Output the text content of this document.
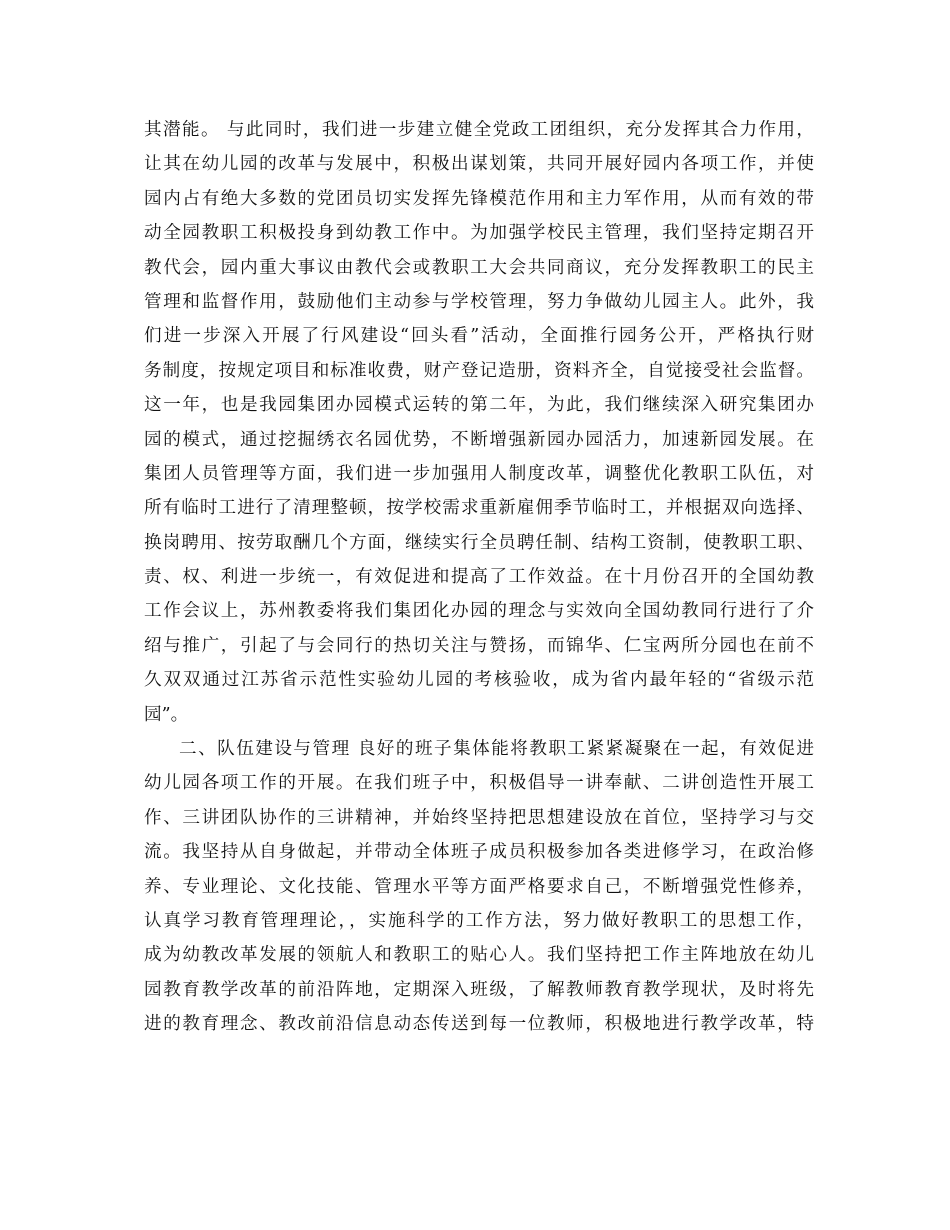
其潜能。 与此同时，我们进一步建立健全党政工团组织，充分发挥其合力作用，
让其在幼儿园的改革与发展中，积极出谋划策，共同开展好园内各项工作，并使
园内占有绝大多数的党团员切实发挥先锋模范作用和主力军作用，从而有效的带
动全园教职工积极投身到幼教工作中。为加强学校民主管理，我们坚持定期召开
教代会，园内重大事议由教代会或教职工大会共同商议，充分发挥教职工的民主
管理和监督作用，鼓励他们主动参与学校管理，努力争做幼儿园主人。此外，我
们进一步深入开展了行风建设“回头看”活动，全面推行园务公开，严格执行财
务制度，按规定项目和标准收费，财产登记造册，资料齐全，自觉接受社会监督。
这一年，也是我园集团办园模式运转的第二年，为此，我们继续深入研究集团办
园的模式，通过挖掘绣衣名园优势，不断增强新园办园活力，加速新园发展。在
集团人员管理等方面，我们进一步加强用人制度改革，调整优化教职工队伍，对
所有临时工进行了清理整顿，按学校需求重新雇佣季节临时工，并根据双向选择、
换岗聘用、按劳取酬几个方面，继续实行全员聘任制、结构工资制，使教职工职、
责、权、利进一步统一，有效促进和提高了工作效益。在十月份召开的全国幼教
工作会议上，苏州教委将我们集团化办园的理念与实效向全国幼教同行进行了介
绍与推广，引起了与会同行的热切关注与赞扬，而锦华、仁宝两所分园也在前不
久双双通过江苏省示范性实验幼儿园的考核验收，成为省内最年轻的“省级示范
园”。
二、队伍建设与管理 良好的班子集体能将教职工紧紧凝聚在一起，有效促进
幼儿园各项工作的开展。在我们班子中，积极倡导一讲奉献、二讲创造性开展工
作、三讲团队协作的三讲精神，并始终坚持把思想建设放在首位，坚持学习与交
流。我坚持从自身做起，并带动全体班子成员积极参加各类进修学习，在政治修
养、专业理论、文化技能、管理水平等方面严格要求自己，不断增强党性修养，
认真学习教育管理理论，，实施科学的工作方法，努力做好教职工的思想工作，
成为幼教改革发展的领航人和教职工的贴心人。我们坚持把工作主阵地放在幼儿
园教育教学改革的前沿阵地，定期深入班级，了解教师教育教学现状，及时将先
进的教育理念、教改前沿信息动态传送到每一位教师，积极地进行教学改革，特
